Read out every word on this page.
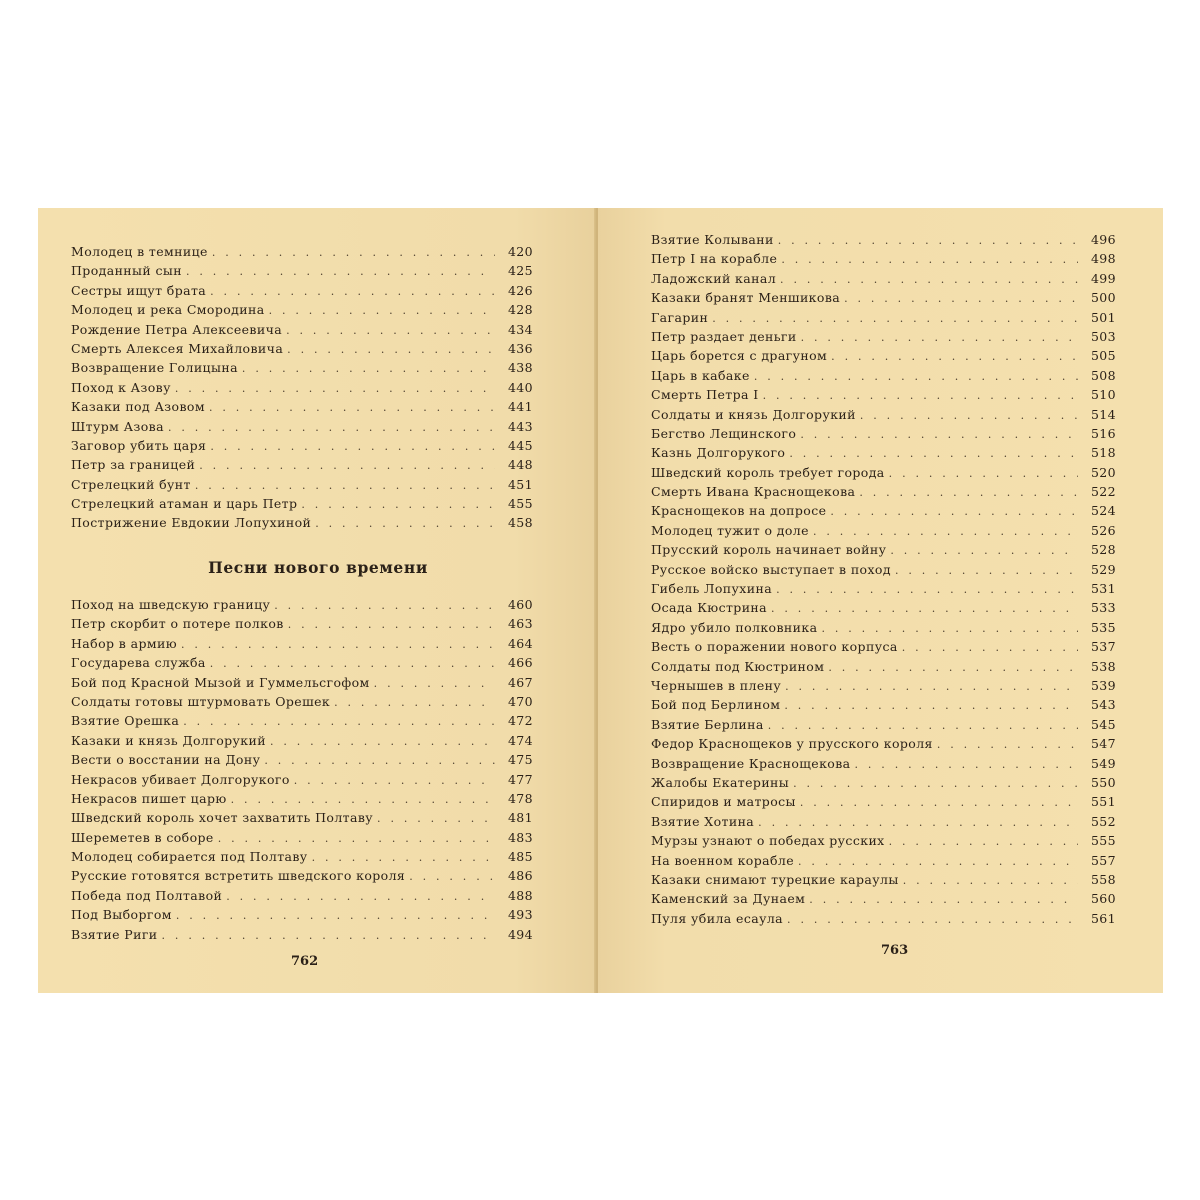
Молодец в темнице . . .	420
Проданный сын . . .	425
Сестры ищут брата . . .	426
Молодец и река Смородина . . .	428
Рождение Петра Алексеевича . . .	434
Смерть Алексея Михайловича . . .	436
Возвращение Голицына . . .	438
Поход к Азову . . .	440
Казаки под Азовом . . .	441
Штурм Азова . . .	443
Заговор убить царя . . .	445
Петр за границей . . .	448
Стрелецкий бунт . . .	451
Стрелецкий атаман и царь Петр . . .	455
Пострижение Евдокии Лопухиной . . .	458
Песни нового времени
Поход на шведскую границу . . .	460
Петр скорбит о потере полков . . .	463
Набор в армию . . .	464
Государева служба . . .	466
Бой под Красной Мызой и Гуммельсгофом . . .	467
Солдаты готовы штурмовать Орешек . . .	470
Взятие Орешка . . .	472
Казаки и князь Долгорукий . . .	474
Вести о восстании на Дону . . .	475
Некрасов убивает Долгорукого . . .	477
Некрасов пишет царю . . .	478
Шведский король хочет захватить Полтаву . . .	481
Шереметев в соборе . . .	483
Молодец собирается под Полтаву . . .	485
Русские готовятся встретить шведского короля . . .	486
Победа под Полтавой . . .	488
Под Выборгом . . .	493
Взятие Риги . . .	494
762
Взятие Колывани . . .	496
Петр I на корабле . . .	498
Ладожский канал . . .	499
Казаки бранят Меншикова . . .	500
Гагарин . . .	501
Петр раздает деньги . . .	503
Царь борется с драгуном . . .	505
Царь в кабаке . . .	508
Смерть Петра I . . .	510
Солдаты и князь Долгорукий . . .	514
Бегство Лещинского . . .	516
Казнь Долгорукого . . .	518
Шведский король требует города . . .	520
Смерть Ивана Краснощекова . . .	522
Краснощеков на допросе . . .	524
Молодец тужит о доле . . .	526
Прусский король начинает войну . . .	528
Русское войско выступает в поход . . .	529
Гибель Лопухина . . .	531
Осада Кюстрина . . .	533
Ядро убило полковника . . .	535
Весть о поражении нового корпуса . . .	537
Солдаты под Кюстрином . . .	538
Чернышев в плену . . .	539
Бой под Берлином . . .	543
Взятие Берлина . . .	545
Федор Краснощеков у прусского короля . . .	547
Возвращение Краснощекова . . .	549
Жалобы Екатерины . . .	550
Спиридов и матросы . . .	551
Взятие Хотина . . .	552
Мурзы узнают о победах русских . . .	555
На военном корабле . . .	557
Казаки снимают турецкие караулы . . .	558
Каменский за Дунаем . . .	560
Пуля убила есаула . . .	561
763
